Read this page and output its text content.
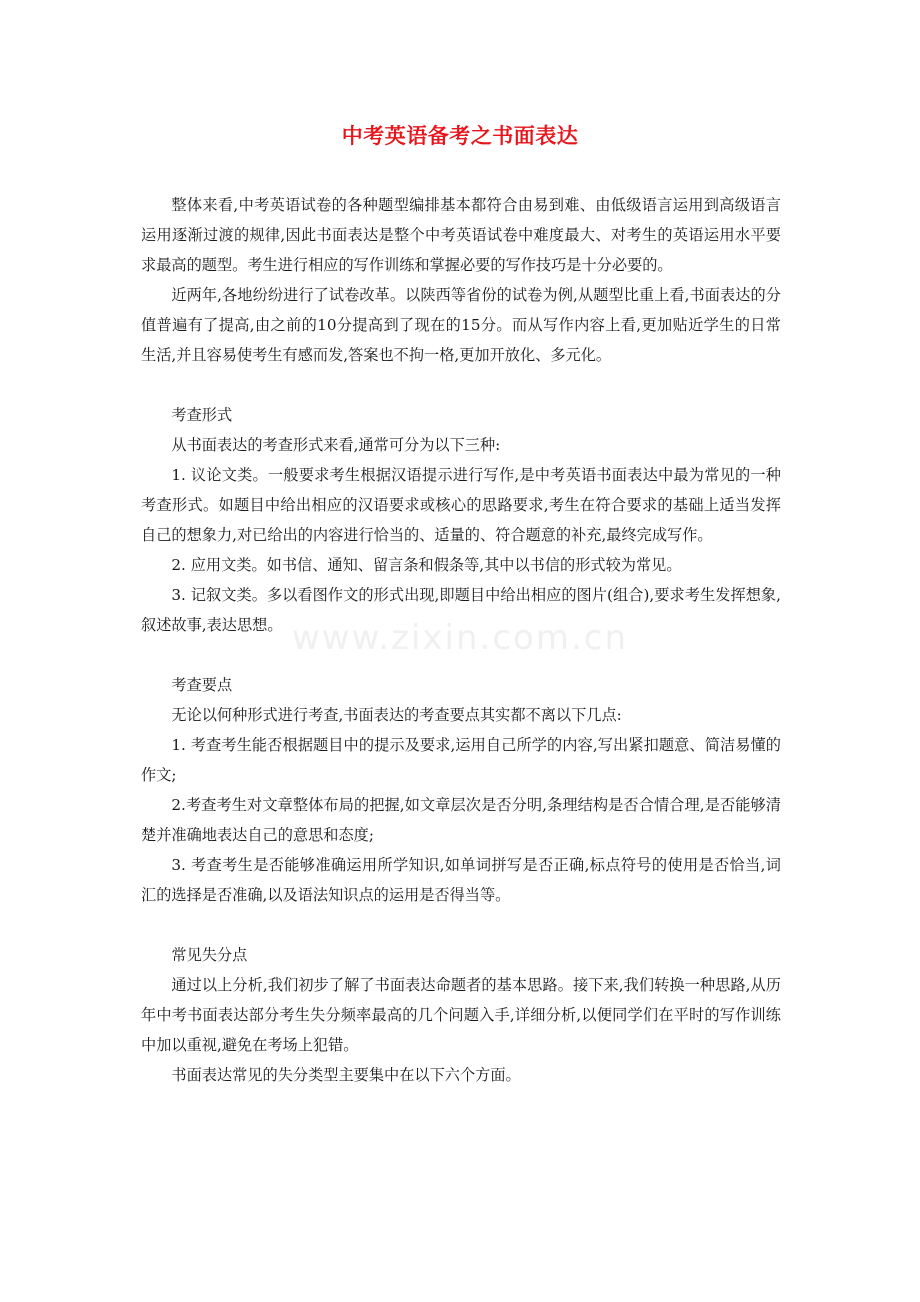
中考英语备考之书面表达
www.zixin.com.cn

整体来看,中考英语试卷的各种题型编排基本都符合由易到难、由低级语言运用到高级语言运用逐渐过渡的规律,因此书面表达是整个中考英语试卷中难度最大、对考生的英语运用水平要求最高的题型。考生进行相应的写作训练和掌握必要的写作技巧是十分必要的。

近两年,各地纷纷进行了试卷改革。以陕西等省份的试卷为例,从题型比重上看,书面表达的分值普遍有了提高,由之前的10分提高到了现在的15分。而从写作内容上看,更加贴近学生的日常生活,并且容易使考生有感而发,答案也不拘一格,更加开放化、多元化。

考查形式

从书面表达的考查形式来看,通常可分为以下三种:

1. 议论文类。一般要求考生根据汉语提示进行写作,是中考英语书面表达中最为常见的一种考查形式。如题目中给出相应的汉语要求或核心的思路要求,考生在符合要求的基础上适当发挥自己的想象力,对已给出的内容进行恰当的、适量的、符合题意的补充,最终完成写作。

2. 应用文类。如书信、通知、留言条和假条等,其中以书信的形式较为常见。

3. 记叙文类。多以看图作文的形式出现,即题目中给出相应的图片(组合),要求考生发挥想象,叙述故事,表达思想。

考查要点

无论以何种形式进行考查,书面表达的考查要点其实都不离以下几点:

1. 考查考生能否根据题目中的提示及要求,运用自己所学的内容,写出紧扣题意、简洁易懂的作文;

2.考查考生对文章整体布局的把握,如文章层次是否分明,条理结构是否合情合理,是否能够清楚并准确地表达自己的意思和态度;

3. 考查考生是否能够准确运用所学知识,如单词拼写是否正确,标点符号的使用是否恰当,词汇的选择是否准确,以及语法知识点的运用是否得当等。

常见失分点

通过以上分析,我们初步了解了书面表达命题者的基本思路。接下来,我们转换一种思路,从历年中考书面表达部分考生失分频率最高的几个问题入手,详细分析,以便同学们在平时的写作训练中加以重视,避免在考场上犯错。

书面表达常见的失分类型主要集中在以下六个方面。
